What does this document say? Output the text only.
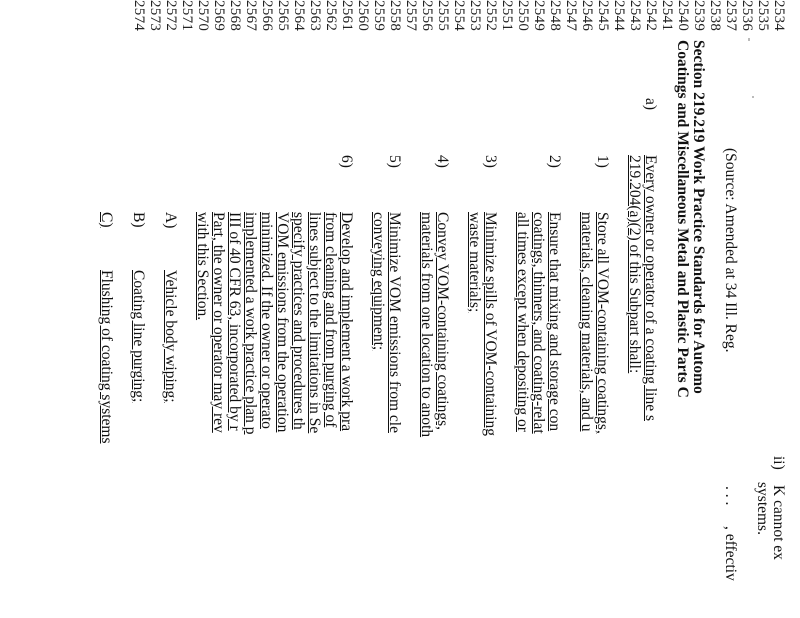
2534
2535
2536
2537
2538
2539
2540
2541
2542
2543
2544
2545
2546
2547
2548
2549
2550
2551
2552
2553
2554
2555
2556
2557
2558
2559
2560
2561
2562
2563
2564
2565
2566
2567
2568
2569
2570
2571
2572
2573
2574
ii)
K cannot ex
systems.
(Source: Amended at 34 Ill. Reg.
. . .
, effectiv
Section 219.219 Work Practice Standards for Automo
Coatings and Miscellaneous Metal and Plastic Parts C
a)
Every owner or operator of a coating line s
219.204(a)(2) of this Subpart shall:
1)
Store all VOM-containing coatings,
materials, cleaning materials, and u
2)
Ensure that mixing and storage con
coatings, thinners, and coating-relat
all times except when depositing or
3)
Minimize spills of VOM-containing
waste materials;
4)
Convey VOM-containing coatings,
materials from one location to anoth
5)
Minimize VOM emissions from cle
conveying equipment;
6)
Develop and implement a work pra
from cleaning and from purging of
lines subject to the limitations in Se
specify practices and procedures th
VOM emissions from the operation
minimized. If the owner or operato
implemented a work practice plan p
III of 40 CFR 63, incorporated by r
Part, the owner or operator may rev
with this Section.
A)
Vehicle body wiping;
B)
Coating line purging;
C)
Flushing of coating systems
